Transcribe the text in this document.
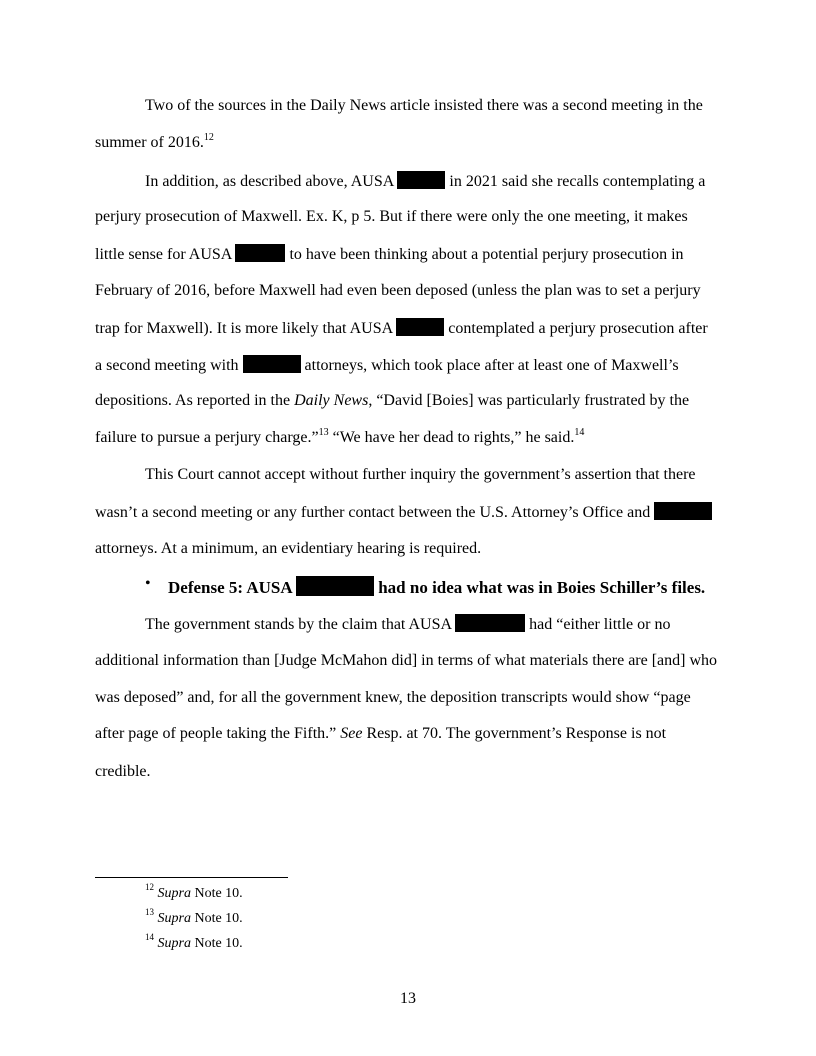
Two of the sources in the Daily News article insisted there was a second meeting in the
summer of 2016.12
In addition, as described above, AUSA	in 2021 said she recalls contemplating a
perjury prosecution of Maxwell. Ex. K, p 5. But if there were only the one meeting, it makes
little sense for AUSA	to have been thinking about a potential perjury prosecution in
February of 2016, before Maxwell had even been deposed (unless the plan was to set a perjury
trap for Maxwell). It is more likely that AUSA	contemplated a perjury prosecution after
a second meeting with	attorneys, which took place after at least one of Maxwell’s
depositions. As reported in the Daily News, “David [Boies] was particularly frustrated by the
failure to pursue a perjury charge.”$^{13}$ “We have her dead to rights,” he said.$^{14}$
This Court cannot accept without further inquiry the government’s assertion that there
wasn’t a second meeting or any further contact between the U.S. Attorney’s Office and
attorneys. At a minimum, an evidentiary hearing is required.
• Defense 5: AUSA	had no idea what was in Boies Schiller’s files.
The government stands by the claim that AUSA	had “either little or no
additional information than [Judge McMahon did] in terms of what materials there are [and] who
was deposed” and, for all the government knew, the deposition transcripts would show “page
after page of people taking the Fifth.” See Resp. at 70. The government’s Response is not
credible.
$^{12}$ Supra Note 10.
$^{13}$ Supra Note 10.
$^{14}$ Supra Note 10.
13
